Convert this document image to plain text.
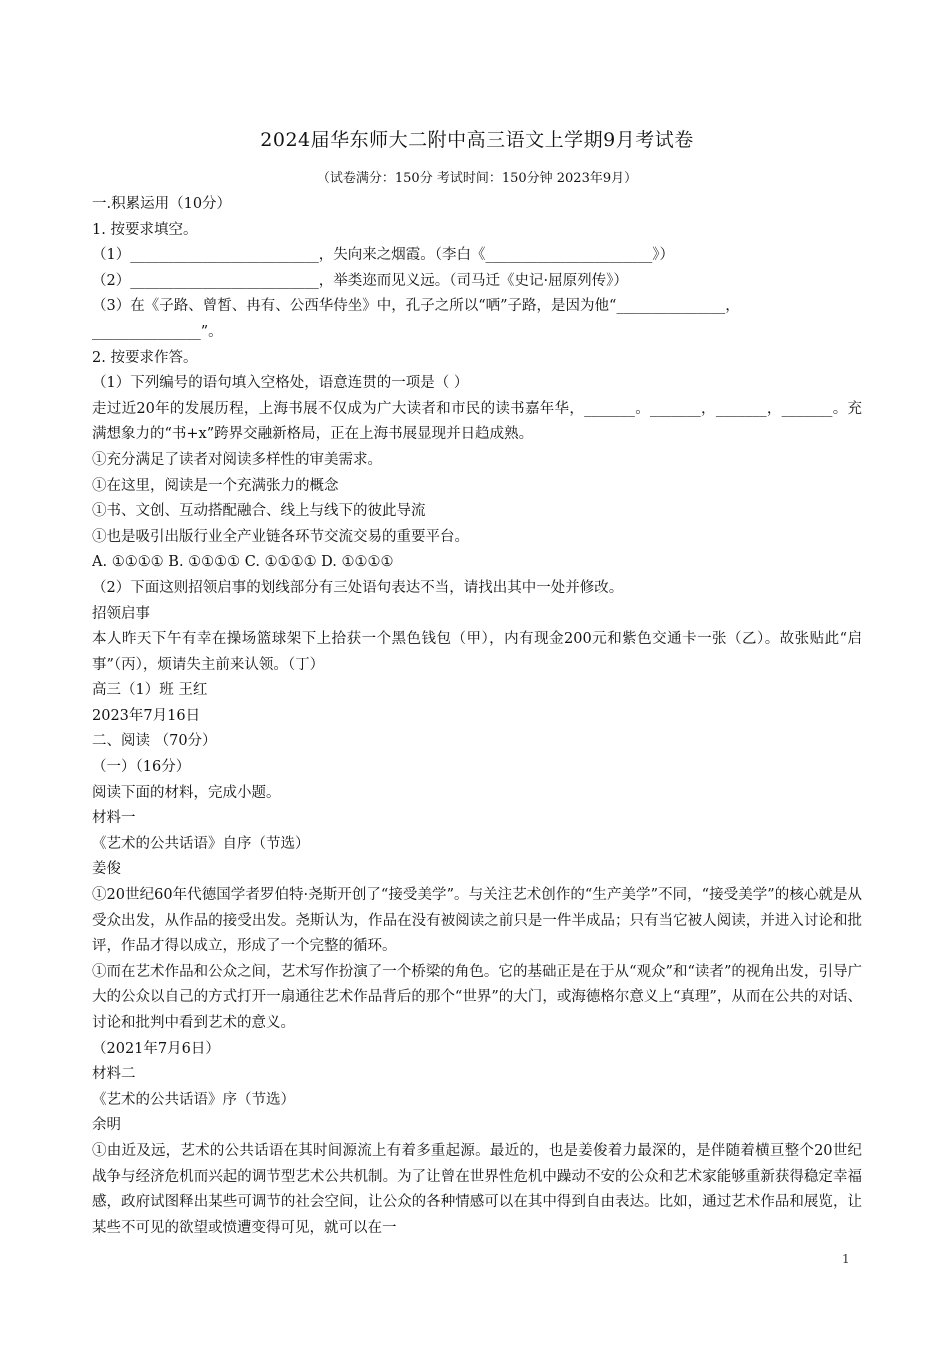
2024届华东师大二附中高三语文上学期9月考试卷
（试卷满分：150分 考试时间：150分钟 2023年9月）
一.积累运用（10分）
1. 按要求填空。
（1）__________________________，失向来之烟霞。（李白《_______________________》）
（2）__________________________，举类迩而见义远。（司马迁《史记·屈原列传》）
（3）在《子路、曾皙、冉有、公西华侍坐》中，孔子之所以“哂”子路，是因为他“_______________，
_______________”。
2. 按要求作答。
（1）下列编号的语句填入空格处，语意连贯的一项是（ ）
走过近20年的发展历程，上海书展不仅成为广大读者和市民的读书嘉年华，_______。_______，_______，_______。充满想象力的“书+x”跨界交融新格局，正在上海书展显现并日趋成熟。
①充分满足了读者对阅读多样性的审美需求。
①在这里，阅读是一个充满张力的概念
①书、文创、互动搭配融合、线上与线下的彼此导流
①也是吸引出版行业全产业链各环节交流交易的重要平台。
A. ①①①① B. ①①①① C. ①①①① D. ①①①①
（2）下面这则招领启事的划线部分有三处语句表达不当，请找出其中一处并修改。
招领启事
本人昨天下午有幸在操场篮球架下上拾获一个黑色钱包（甲），内有现金200元和紫色交通卡一张（乙）。故张贴此“启事”（丙），烦请失主前来认领。（丁）
高三（1）班 王红
2023年7月16日
二、阅读 （70分）
（一）（16分）
阅读下面的材料，完成小题。
材料一
《艺术的公共话语》自序（节选）
姜俊
①20世纪60年代德国学者罗伯特·尧斯开创了“接受美学”。与关注艺术创作的“生产美学”不同，“接受美学”的核心就是从受众出发，从作品的接受出发。尧斯认为，作品在没有被阅读之前只是一件半成品；只有当它被人阅读，并进入讨论和批评，作品才得以成立，形成了一个完整的循环。
①而在艺术作品和公众之间，艺术写作扮演了一个桥梁的角色。它的基础正是在于从“观众”和“读者”的视角出发，引导广大的公众以自己的方式打开一扇通往艺术作品背后的那个“世界”的大门，或海德格尔意义上“真理”，从而在公共的对话、讨论和批判中看到艺术的意义。
（2021年7月6日）
材料二
《艺术的公共话语》序（节选）
余明
①由近及远，艺术的公共话语在其时间源流上有着多重起源。最近的，也是姜俊着力最深的，是伴随着横亘整个20世纪战争与经济危机而兴起的调节型艺术公共机制。为了让曾在世界性危机中躁动不安的公众和艺术家能够重新获得稳定幸福感，政府试图释出某些可调节的社会空间，让公众的各种情感可以在其中得到自由表达。比如，通过艺术作品和展览，让某些不可见的欲望或愤遭变得可见，就可以在一
1
